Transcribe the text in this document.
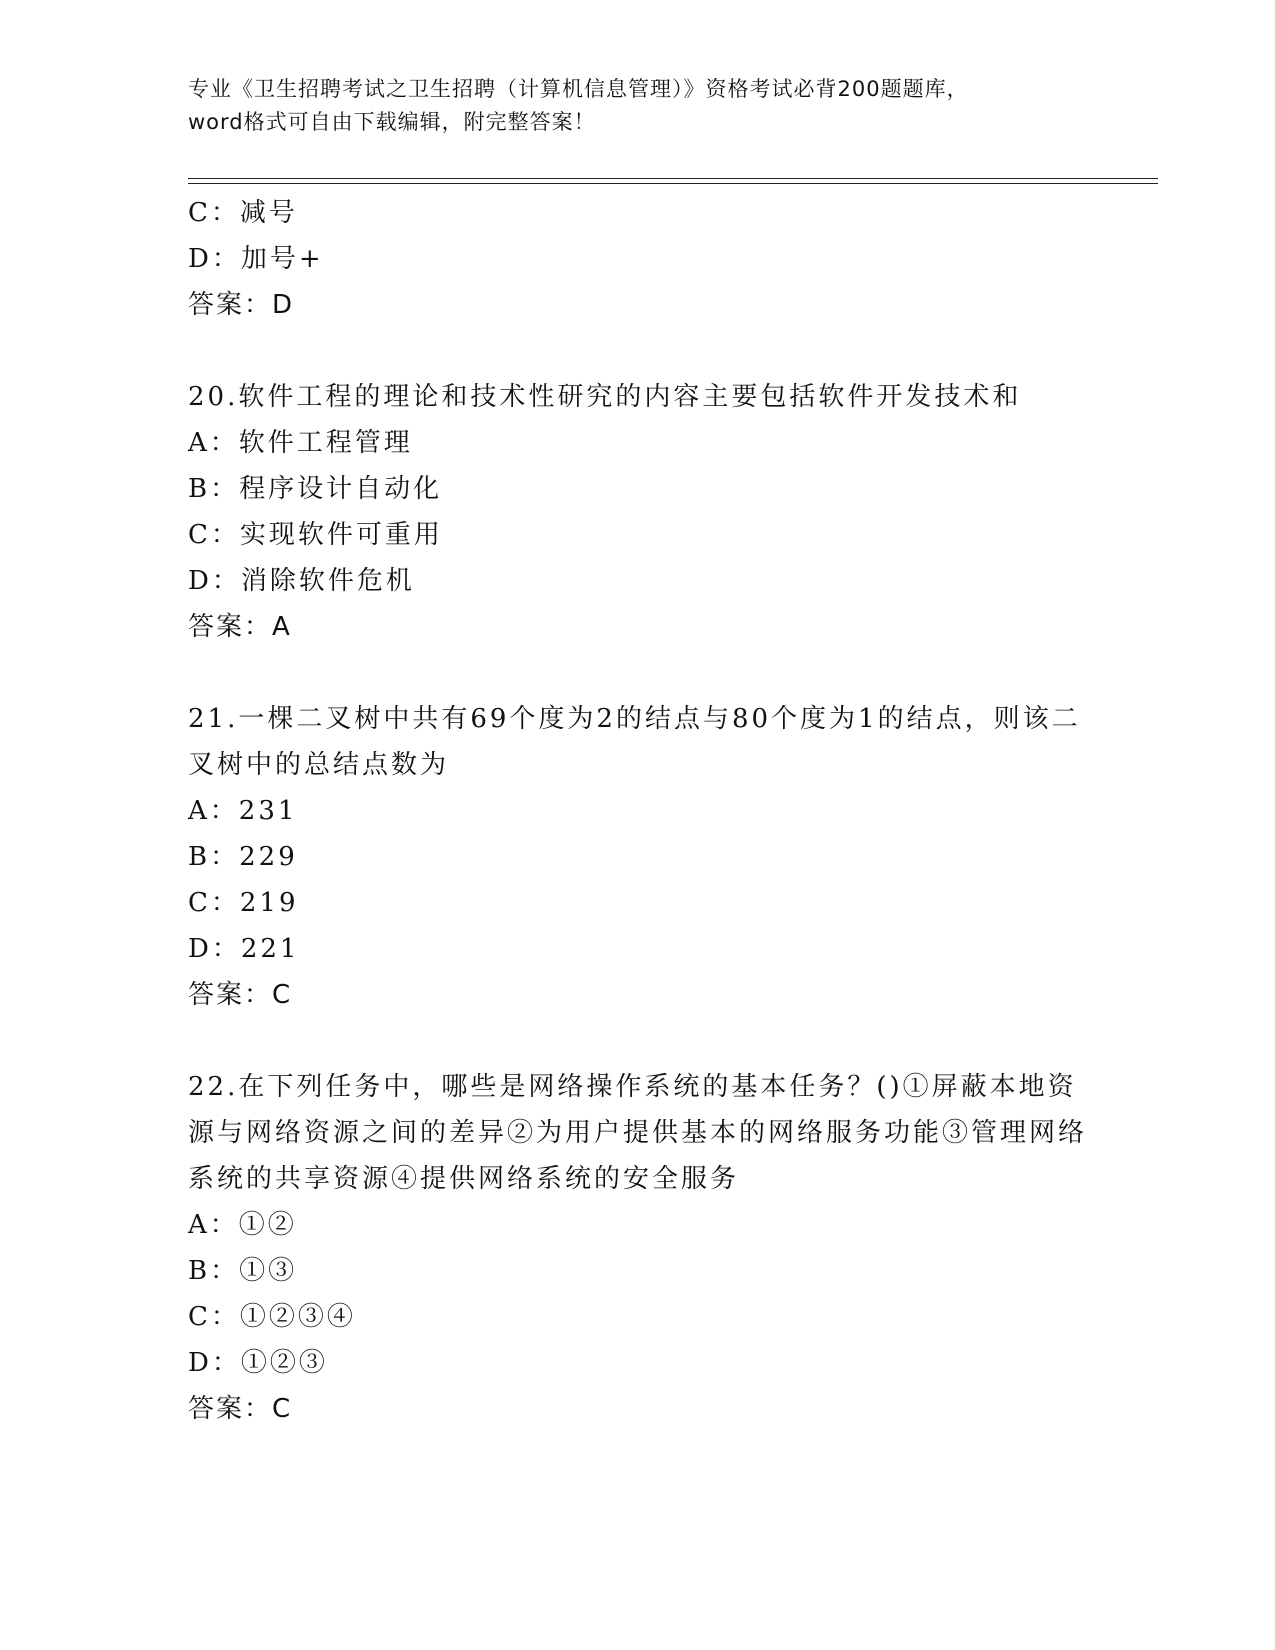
专业《卫生招聘考试之卫生招聘（计算机信息管理）》资格考试必背200题题库，
word格式可自由下载编辑，附完整答案！
C：减号
D：加号+
答案：D
20.软件工程的理论和技术性研究的内容主要包括软件开发技术和
A：软件工程管理
B：程序设计自动化
C：实现软件可重用
D：消除软件危机
答案：A
21.一棵二叉树中共有69个度为2的结点与80个度为1的结点，则该二叉树中的总结点数为
A：231
B：229
C：219
D：221
答案：C
22.在下列任务中，哪些是网络操作系统的基本任务？()①屏蔽本地资源与网络资源之间的差异②为用户提供基本的网络服务功能③管理网络系统的共享资源④提供网络系统的安全服务
A：①②
B：①③
C：①②③④
D：①②③
答案：C
